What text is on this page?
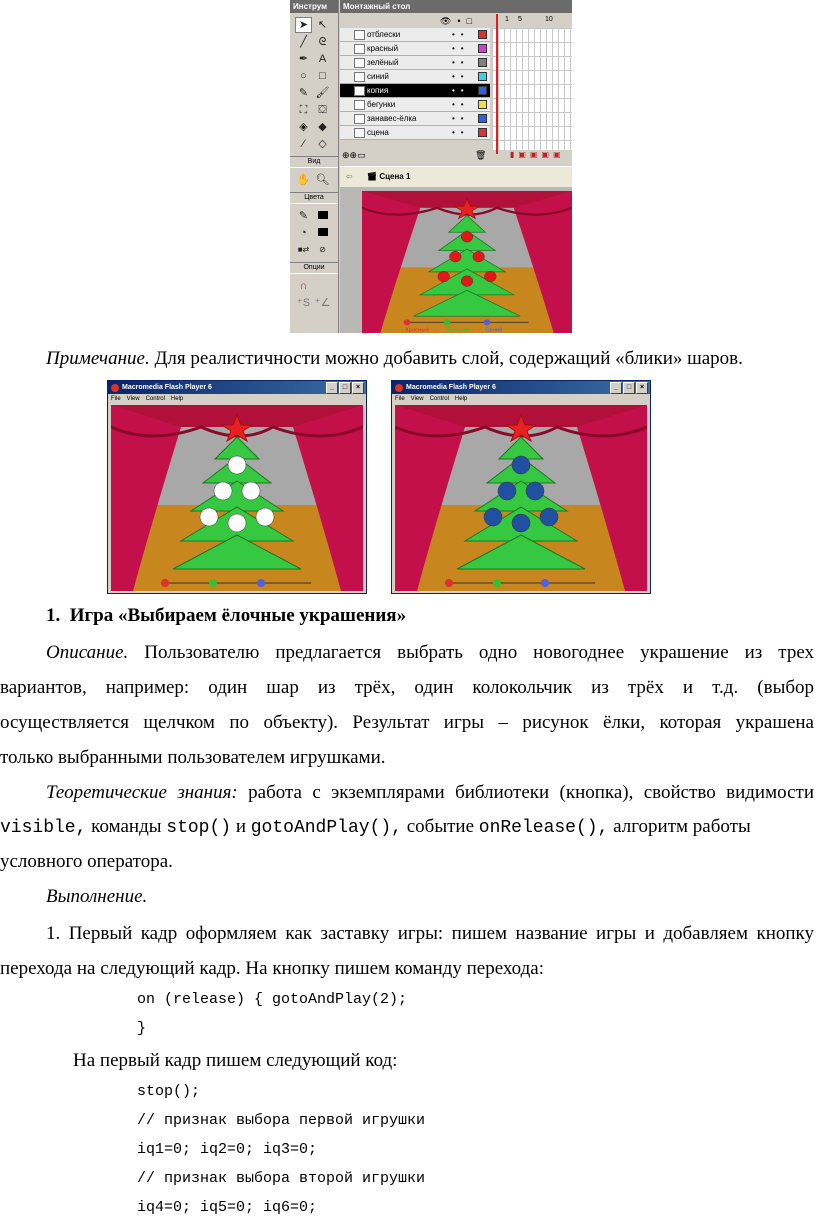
Инструм
➤ ↖
╱	ᘓ
✒ A
○	□
✎ 🖌
⛶ ⛋
◈ ◆
⁄	◇
Вид
✋ 🔍︎
Цвета
✎
◔
■⇄	⊘
Опции
∩
⁺S ⁺∠
Монтажный стол
👁︎•□	1 5	10
отблески	••
красный	••
зелёный	••
синий	••
копия	••
бегунки	••
занавес-ёлка	••
сцена	••
⊕⊕▭	🗑︎	▮▣▣▣▣
⇦ 🎬︎ Сцена 1
Красный Зелёный Синий
Примечание. Для реалистичности можно добавить слой, содержащий «блики» шаров.
Macromedia Flash Player 6	_	□	×
File View Control Help
Macromedia Flash Player 6	_	□	×
File View Control Help
1. Игра «Выбираем ёлочные украшения»
Описание. Пользователю предлагается выбрать одно новогоднее украшение из трех
вариантов, например: один шар из трёх, один колокольчик из трёх и т.д. (выбор
осуществляется щелчком по объекту). Результат игры – рисунок ёлки, которая украшена
только выбранными пользователем игрушками.
Теоретические знания: работа с экземплярами библиотеки (кнопка), свойство видимости
visible, команды stop() и gotoAndPlay(), событие onRelease(), алгоритм работы
условного оператора.
Выполнение.
1. Первый кадр оформляем как заставку игры: пишем название игры и добавляем кнопку
перехода на следующий кадр. На кнопку пишем команду перехода:
on (release) { gotoAndPlay(2);
}
На первый кадр пишем следующий код:
stop();
// признак выбора первой игрушки
iq1=0; iq2=0; iq3=0;
// признак выбора второй игрушки
iq4=0; iq5=0; iq6=0;
